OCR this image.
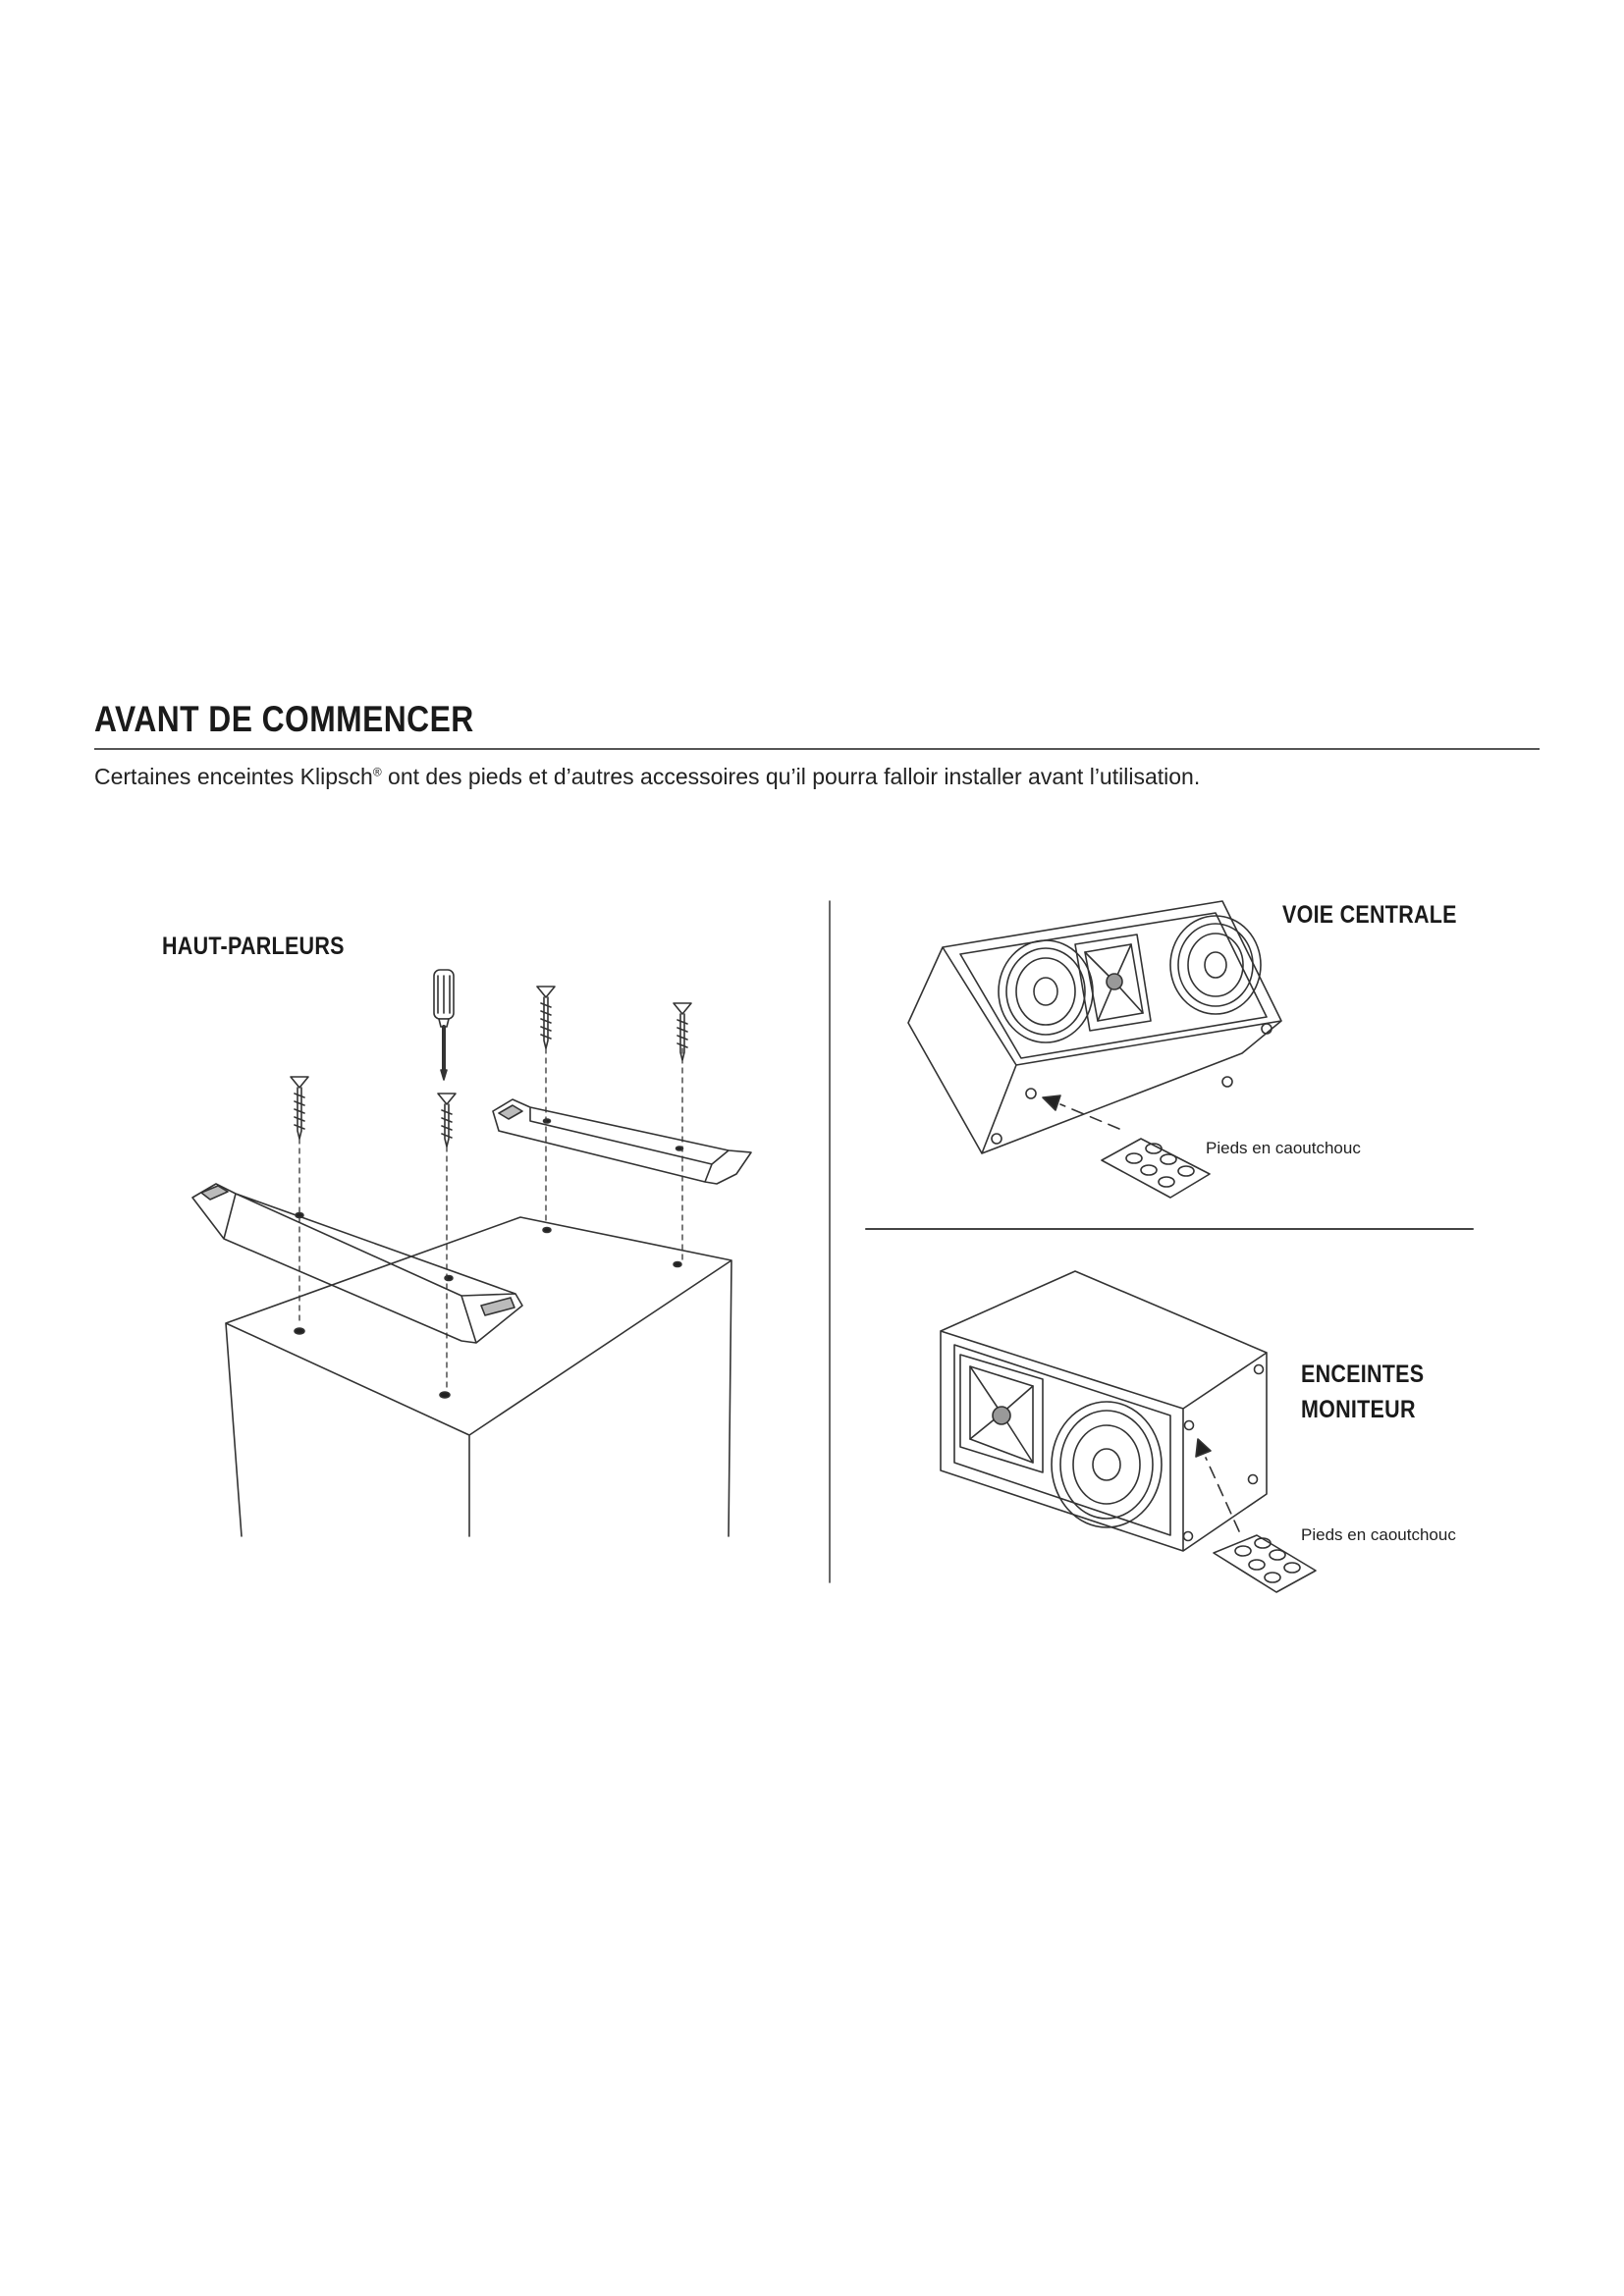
AVANT DE COMMENCER

Certaines enceintes Klipsch® ont des pieds et d’autres accessoires qu’il pourra falloir installer avant l’utilisation.

HAUT-PARLEURS
VOIE CENTRALE
ENCEINTES
MONITEUR
Pieds en caoutchouc
Pieds en caoutchouc
